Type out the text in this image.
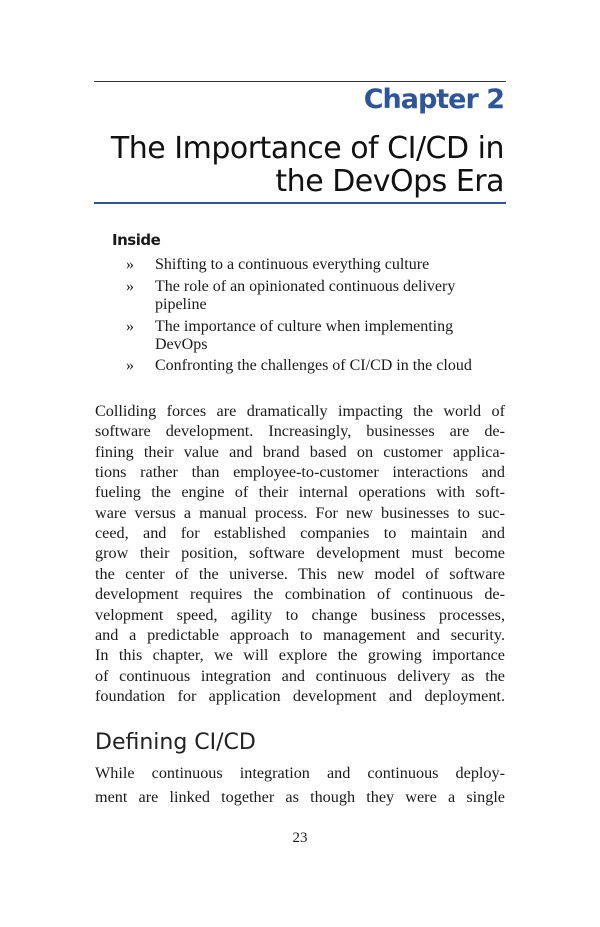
Chapter 2
The Importance of CI/CD in
the DevOps Era
Inside
» Shifting to a continuous everything culture
» The role of an opinionated continuous delivery
pipeline
» The importance of culture when implementing
DevOps
» Confronting the challenges of CI/CD in the cloud
Colliding forces are dramatically impacting the world of
software development. Increasingly, businesses are de-
fining their value and brand based on customer applica-
tions rather than employee-to-customer interactions and
fueling the engine of their internal operations with soft-
ware versus a manual process. For new businesses to suc-
ceed, and for established companies to maintain and
grow their position, software development must become
the center of the universe. This new model of software
development requires the combination of continuous de-
velopment speed, agility to change business processes,
and a predictable approach to management and security.
In this chapter, we will explore the growing importance
of continuous integration and continuous delivery as the
foundation for application development and deployment.
Defining CI/CD
While continuous integration and continuous deploy-
ment are linked together as though they were a single
23
